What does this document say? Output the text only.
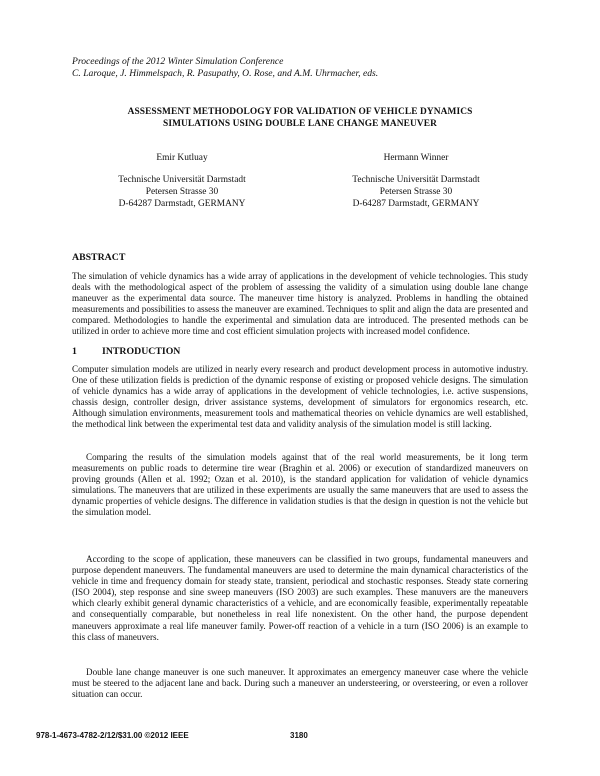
Proceedings of the 2012 Winter Simulation Conference
C. Laroque, J. Himmelspach, R. Pasupathy, O. Rose, and A.M. Uhrmacher, eds.
ASSESSMENT METHODOLOGY FOR VALIDATION OF VEHICLE DYNAMICS
SIMULATIONS USING DOUBLE LANE CHANGE MANEUVER
Emir Kutluay
Technische Universität Darmstadt
Petersen Strasse 30
D-64287 Darmstadt, GERMANY
Hermann Winner
Technische Universität Darmstadt
Petersen Strasse 30
D-64287 Darmstadt, GERMANY
ABSTRACT

The simulation of vehicle dynamics has a wide array of applications in the development of vehicle technologies. This study deals with the methodological aspect of the problem of assessing the validity of a simulation using double lane change maneuver as the experimental data source. The maneuver time history is analyzed. Problems in handling the obtained measurements and possibilities to assess the maneuver are examined. Techniques to split and align the data are presented and compared. Methodologies to handle the experimental and simulation data are introduced. The presented methods can be utilized in order to achieve more time and cost efficient simulation projects with increased model confidence.

1	INTRODUCTION

Computer simulation models are utilized in nearly every research and product development process in automotive industry. One of these utilization fields is prediction of the dynamic response of existing or proposed vehicle designs. The simulation of vehicle dynamics has a wide array of applications in the development of vehicle technologies, i.e. active suspensions, chassis design, controller design, driver assistance systems, development of simulators for ergonomics research, etc. Although simulation environments, measurement tools and mathematical theories on vehicle dynamics are well established, the methodical link between the experimental test data and validity analysis of the simulation model is still lacking.

Comparing the results of the simulation models against that of the real world measurements, be it long term measurements on public roads to determine tire wear (Braghin et al. 2006) or execution of standardized maneuvers on proving grounds (Allen et al. 1992; Ozan et al. 2010), is the standard application for validation of vehicle dynamics simulations. The maneuvers that are utilized in these experiments are usually the same maneuvers that are used to assess the dynamic properties of vehicle designs. The difference in validation studies is that the design in question is not the vehicle but the simulation model.

According to the scope of application, these maneuvers can be classified in two groups, fundamental maneuvers and purpose dependent maneuvers. The fundamental maneuvers are used to determine the main dynamical characteristics of the vehicle in time and frequency domain for steady state, transient, periodical and stochastic responses. Steady state cornering (ISO 2004), step response and sine sweep maneuvers (ISO 2003) are such examples. These manuvers are the maneuvers which clearly exhibit general dynamic characteristics of a vehicle, and are economically feasible, experimentally repeatable and consequentially comparable, but nonetheless in real life nonexistent. On the other hand, the purpose dependent maneuvers approximate a real life maneuver family. Power-off reaction of a vehicle in a turn (ISO 2006) is an example to this class of maneuvers.

Double lane change maneuver is one such maneuver. It approximates an emergency maneuver case where the vehicle must be steered to the adjacent lane and back. During such a maneuver an understeering, or oversteering, or even a rollover situation can occur.

978-1-4673-4782-2/12/$31.00 ©2012 IEEE	3180
